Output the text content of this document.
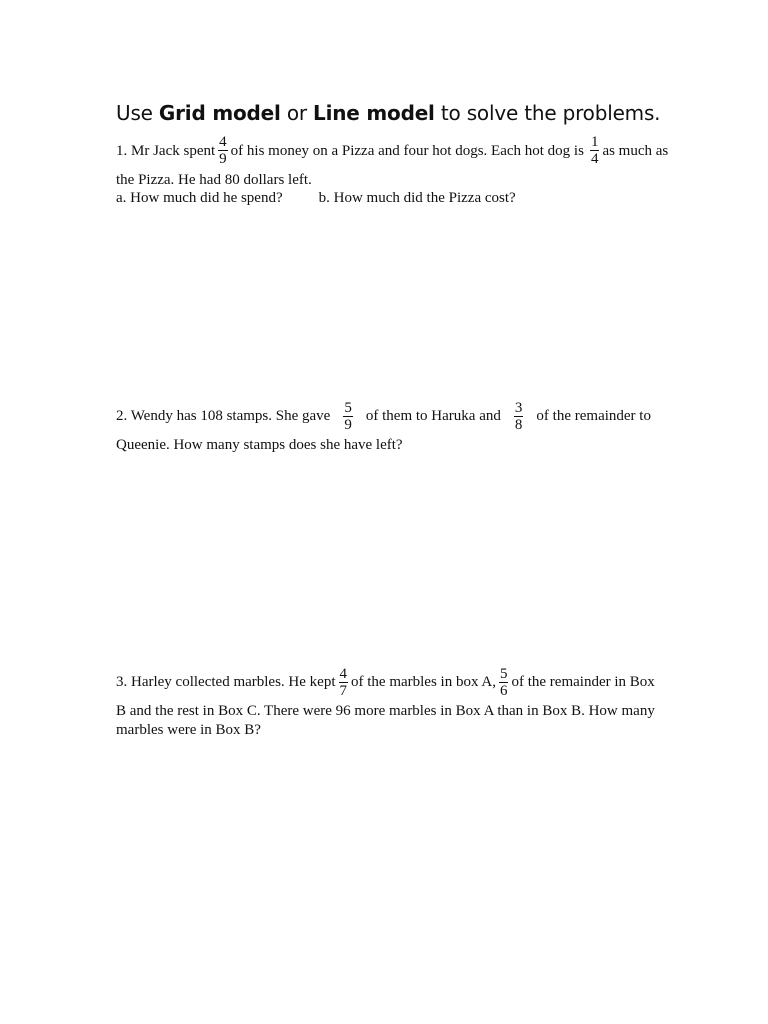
Use Grid model or Line model to solve the problems.
1. Mr Jack spent $\frac{4}{9}$ of his money on a Pizza and four hot dogs. Each hot dog is $\frac{1}{4}$ as much as
the Pizza. He had 80 dollars left.
a. How much did he spend? b. How much did the Pizza cost?
2. Wendy has 108 stamps. She gave $\frac{5}{9}$ of them to Haruka and $\frac{3}{8}$ of the remainder to
Queenie. How many stamps does she have left?
3. Harley collected marbles. He kept $\frac{4}{7}$ of the marbles in box A, $\frac{5}{6}$ of the remainder in Box
B and the rest in Box C. There were 96 more marbles in Box A than in Box B. How many
marbles were in Box B?
